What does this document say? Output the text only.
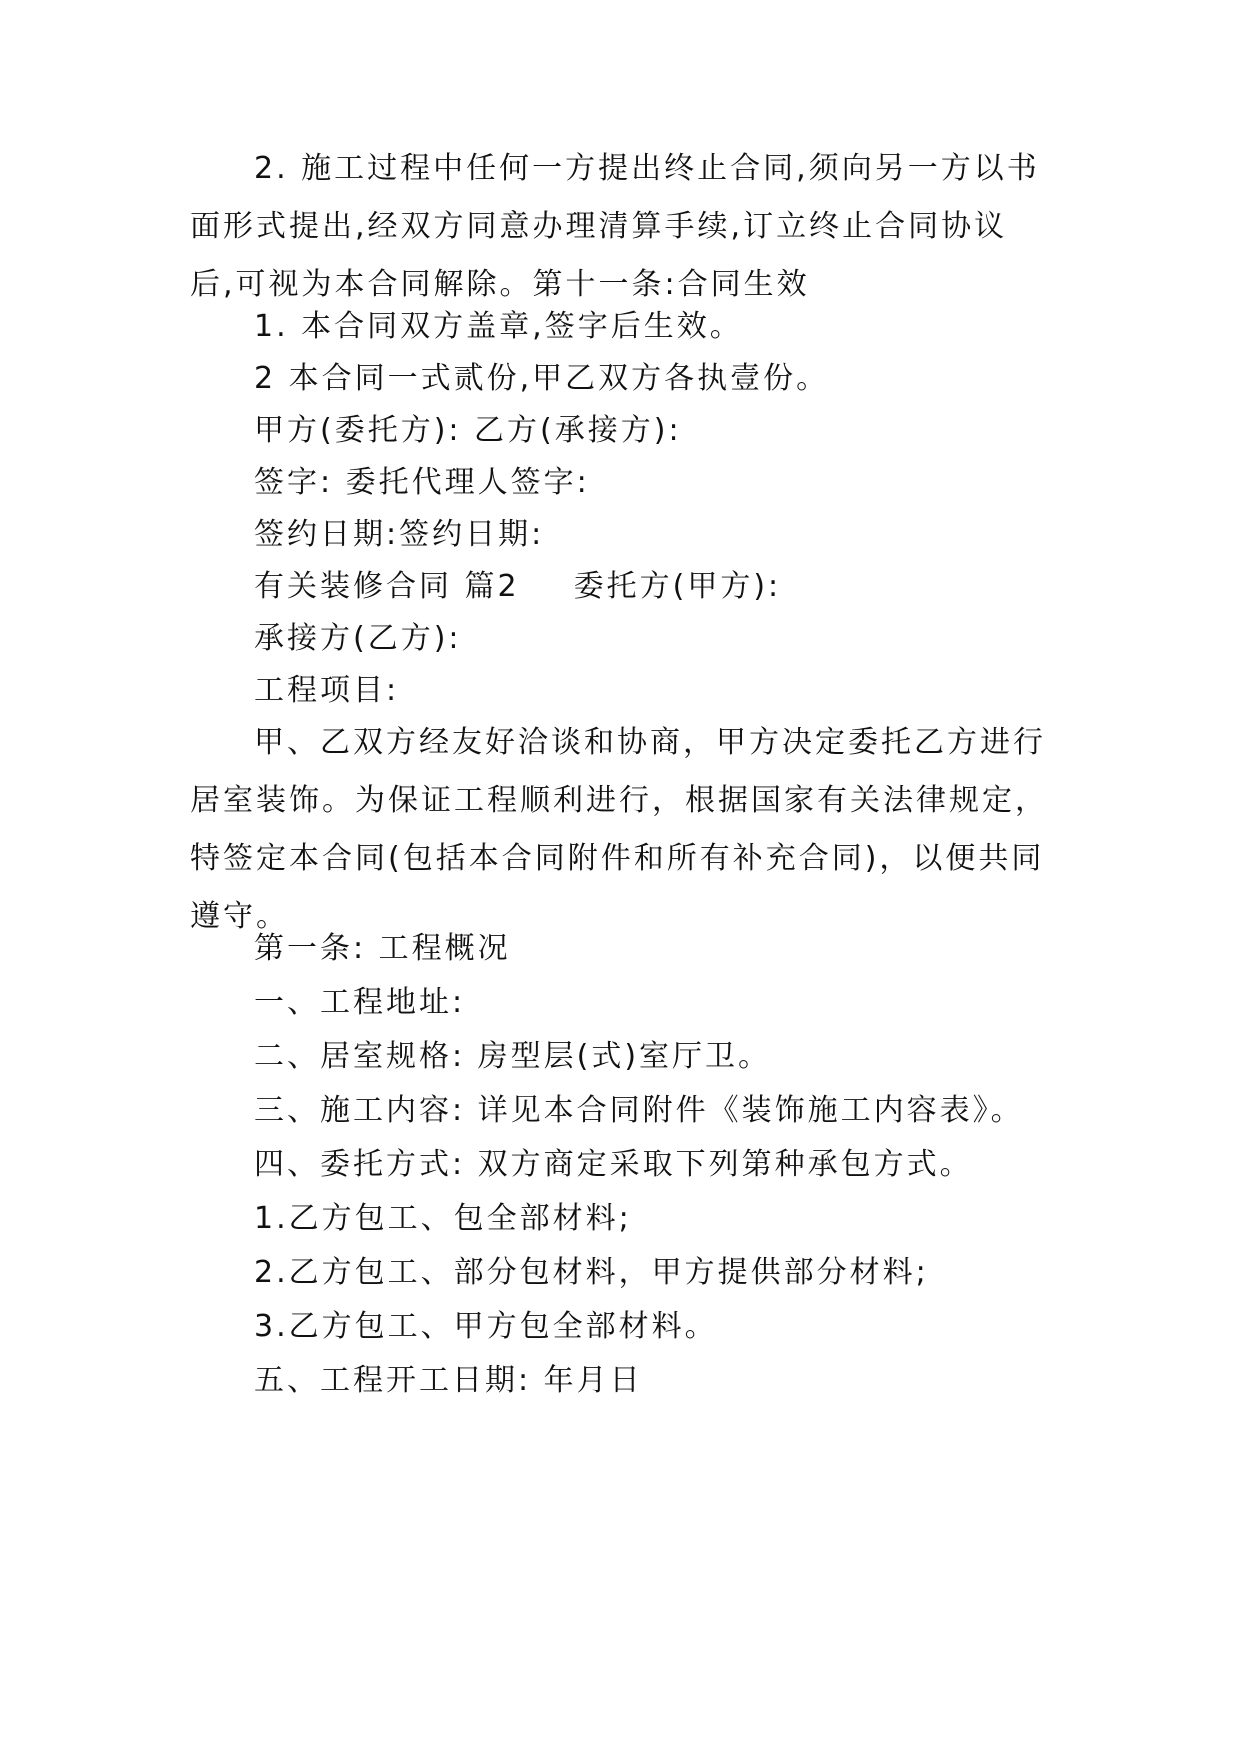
2. 施工过程中任何一方提出终止合同,须向另一方以书面形式提出,经双方同意办理清算手续,订立终止合同协议后,可视为本合同解除。第十一条:合同生效
1. 本合同双方盖章,签字后生效。
2 本合同一式贰份,甲乙双方各执壹份。
甲方(委托方): 乙方(承接方):
签字: 委托代理人签字:
签约日期:签约日期:
有关装修合同 篇2 委托方(甲方):
承接方(乙方):
工程项目:
甲、乙双方经友好洽谈和协商，甲方决定委托乙方进行居室装饰。为保证工程顺利进行，根据国家有关法律规定，特签定本合同(包括本合同附件和所有补充合同)，以便共同遵守。
第一条: 工程概况
一、工程地址:
二、居室规格: 房型层(式)室厅卫。
三、施工内容: 详见本合同附件《装饰施工内容表》。
四、委托方式: 双方商定采取下列第种承包方式。
1.乙方包工、包全部材料;
2.乙方包工、部分包材料，甲方提供部分材料;
3.乙方包工、甲方包全部材料。
五、工程开工日期: 年月日
